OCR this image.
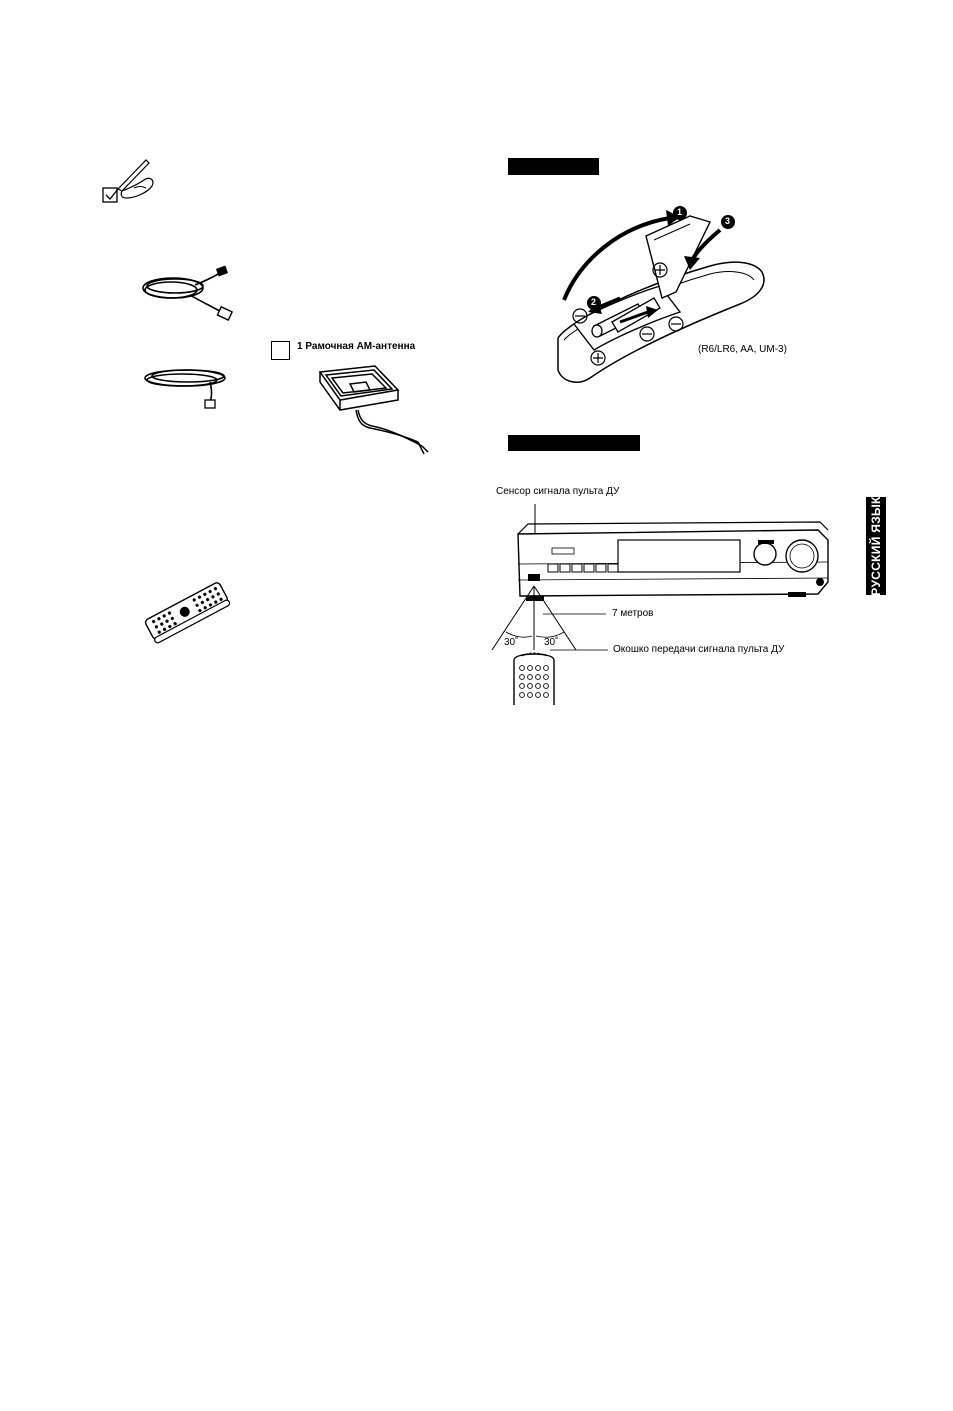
1 Рамочная АМ-антенна
1
3
2
(R6/LR6, AA, UM-3)
Сенсор сигнала пульта ДУ
7 метров
30˚	30˚
Окошко передачи сигнала пульта ДУ
РУССКИЙ ЯЗЫК
